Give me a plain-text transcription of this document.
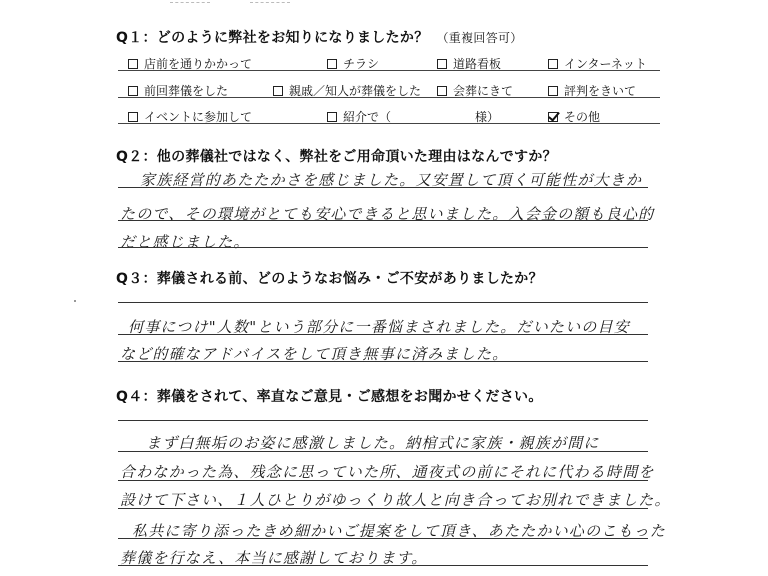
Q１：どのように弊社をお知りになりましたか？ （重複回答可）
店前を通りかかって	チラシ	道路看板	インターネット
前回葬儀をした	親戚／知人が葬儀をした	会葬にきて	評判をきいて
イベントに参加して	紹介で（　　　　　　　様）	その他
Q２：他の葬儀社ではなく、弊社をご用命頂いた理由はなんですか？
家族経営的あたたかさを感じました。又安置して頂く可能性が大きか
たので、その環境がとても安心できると思いました。入会金の額も良心的
だと感じました。
Q３：葬儀される前、どのようなお悩み・ご不安がありましたか？
何事につけ"人数"という部分に一番悩まされました。だいたいの目安
など的確なアドバイスをして頂き無事に済みました。
Q４：葬儀をされて、率直なご意見・ご感想をお聞かせください。
まず白無垢のお姿に感激しました。納棺式に家族・親族が間に
合わなかった為、残念に思っていた所、通夜式の前にそれに代わる時間を
設けて下さい、１人ひとりがゆっくり故人と向き合ってお別れできました。
私共に寄り添ったきめ細かいご提案をして頂き、あたたかい心のこもった
葬儀を行なえ、本当に感謝しております。
